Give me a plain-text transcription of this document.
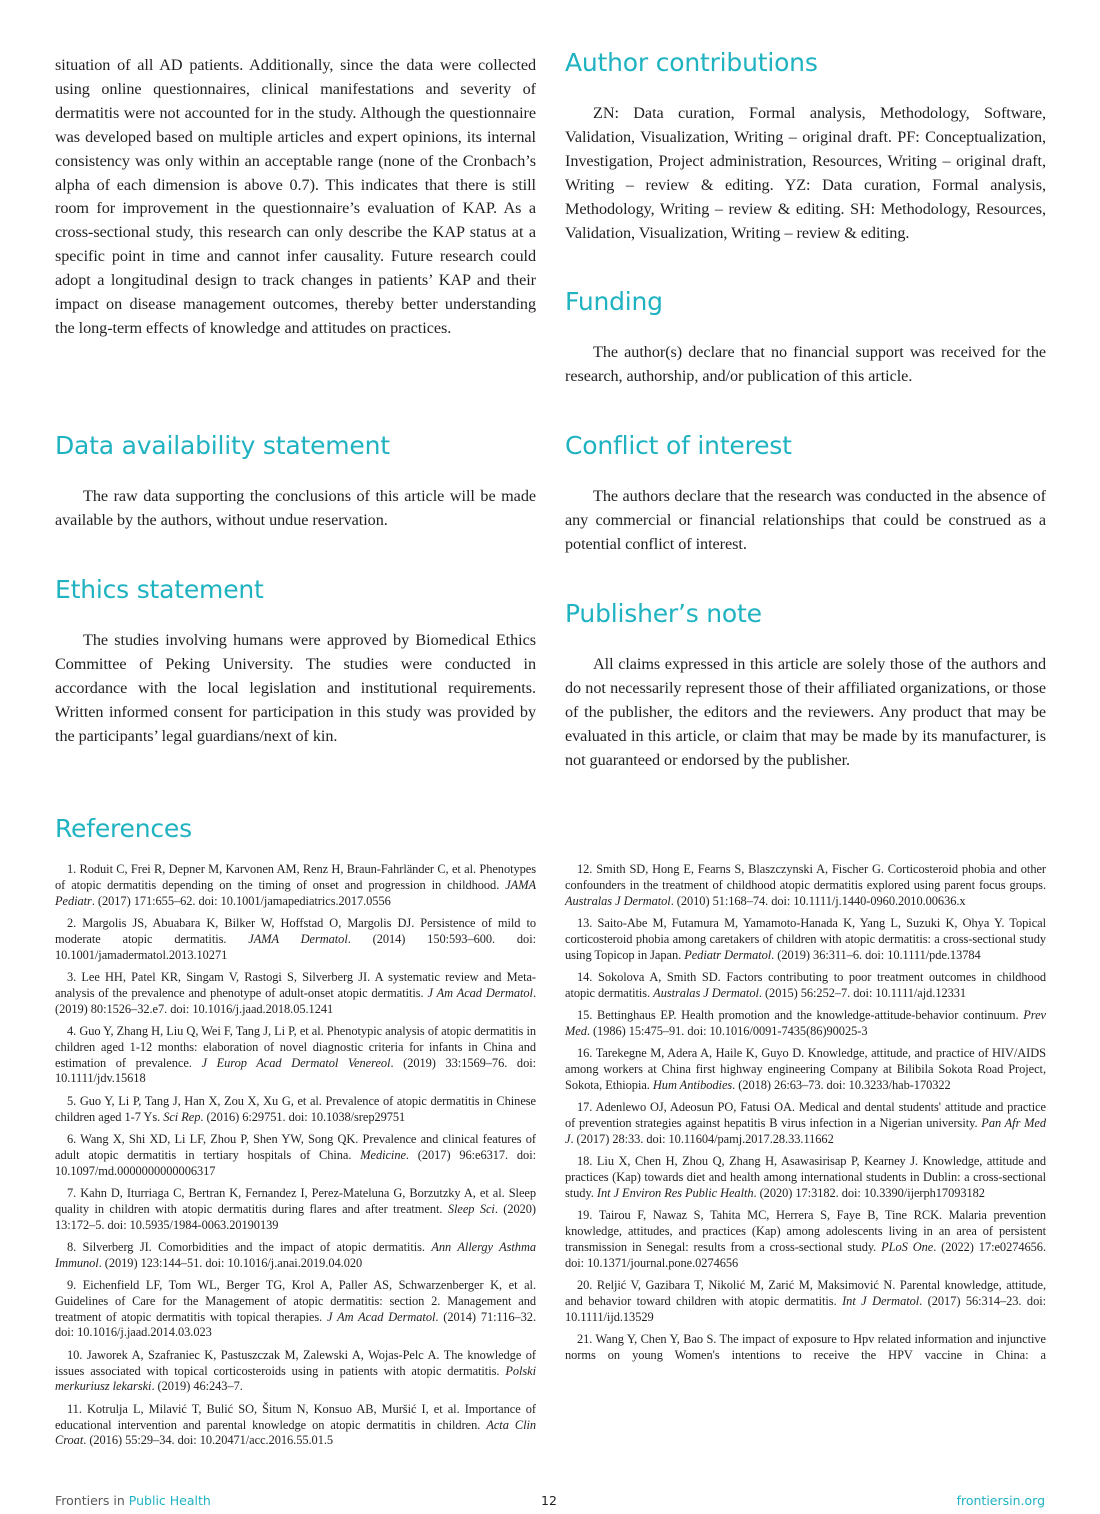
situation of all AD patients. Additionally, since the data were collected using online questionnaires, clinical manifestations and severity of dermatitis were not accounted for in the study. Although the questionnaire was developed based on multiple articles and expert opinions, its internal consistency was only within an acceptable range (none of the Cronbach’s alpha of each dimension is above 0.7). This indicates that there is still room for improvement in the questionnaire’s evaluation of KAP. As a cross-sectional study, this research can only describe the KAP status at a specific point in time and cannot infer causality. Future research could adopt a longitudinal design to track changes in patients’ KAP and their impact on disease management outcomes, thereby better understanding the long-term effects of knowledge and attitudes on practices.

Data availability statement

The raw data supporting the conclusions of this article will be made available by the authors, without undue reservation.

Ethics statement

The studies involving humans were approved by Biomedical Ethics Committee of Peking University. The studies were conducted in accordance with the local legislation and institutional requirements. Written informed consent for participation in this study was provided by the participants’ legal guardians/next of kin.

Author contributions

ZN: Data curation, Formal analysis, Methodology, Software, Validation, Visualization, Writing – original draft. PF: Conceptualization, Investigation, Project administration, Resources, Writing – original draft, Writing – review & editing. YZ: Data curation, Formal analysis, Methodology, Writing – review & editing. SH: Methodology, Resources, Validation, Visualization, Writing – review & editing.

Funding

The author(s) declare that no financial support was received for the research, authorship, and/or publication of this article.

Conflict of interest

The authors declare that the research was conducted in the absence of any commercial or financial relationships that could be construed as a potential conflict of interest.

Publisher’s note

All claims expressed in this article are solely those of the authors and do not necessarily represent those of their affiliated organizations, or those of the publisher, the editors and the reviewers. Any product that may be evaluated in this article, or claim that may be made by its manufacturer, is not guaranteed or endorsed by the publisher.

References

1. Roduit C, Frei R, Depner M, Karvonen AM, Renz H, Braun-Fahrländer C, et al. Phenotypes of atopic dermatitis depending on the timing of onset and progression in childhood. JAMA Pediatr. (2017) 171:655–62. doi: 10.1001/jamapediatrics.2017.0556

2. Margolis JS, Abuabara K, Bilker W, Hoffstad O, Margolis DJ. Persistence of mild to moderate atopic dermatitis. JAMA Dermatol. (2014) 150:593–600. doi: 10.1001/jamadermatol.2013.10271

3. Lee HH, Patel KR, Singam V, Rastogi S, Silverberg JI. A systematic review and Meta-analysis of the prevalence and phenotype of adult-onset atopic dermatitis. J Am Acad Dermatol. (2019) 80:1526–32.e7. doi: 10.1016/j.jaad.2018.05.1241

4. Guo Y, Zhang H, Liu Q, Wei F, Tang J, Li P, et al. Phenotypic analysis of atopic dermatitis in children aged 1-12 months: elaboration of novel diagnostic criteria for infants in China and estimation of prevalence. J Europ Acad Dermatol Venereol. (2019) 33:1569–76. doi: 10.1111/jdv.15618

5. Guo Y, Li P, Tang J, Han X, Zou X, Xu G, et al. Prevalence of atopic dermatitis in Chinese children aged 1-7 Ys. Sci Rep. (2016) 6:29751. doi: 10.1038/srep29751

6. Wang X, Shi XD, Li LF, Zhou P, Shen YW, Song QK. Prevalence and clinical features of adult atopic dermatitis in tertiary hospitals of China. Medicine. (2017) 96:e6317. doi: 10.1097/md.0000000000006317

7. Kahn D, Iturriaga C, Bertran K, Fernandez I, Perez-Mateluna G, Borzutzky A, et al. Sleep quality in children with atopic dermatitis during flares and after treatment. Sleep Sci. (2020) 13:172–5. doi: 10.5935/1984-0063.20190139

8. Silverberg JI. Comorbidities and the impact of atopic dermatitis. Ann Allergy Asthma Immunol. (2019) 123:144–51. doi: 10.1016/j.anai.2019.04.020

9. Eichenfield LF, Tom WL, Berger TG, Krol A, Paller AS, Schwarzenberger K, et al. Guidelines of Care for the Management of atopic dermatitis: section 2. Management and treatment of atopic dermatitis with topical therapies. J Am Acad Dermatol. (2014) 71:116–32. doi: 10.1016/j.jaad.2014.03.023

10. Jaworek A, Szafraniec K, Pastuszczak M, Zalewski A, Wojas-Pelc A. The knowledge of issues associated with topical corticosteroids using in patients with atopic dermatitis. Polski merkuriusz lekarski. (2019) 46:243–7.

11. Kotrulja L, Milavić T, Bulić SO, Šitum N, Konsuo AB, Muršić I, et al. Importance of educational intervention and parental knowledge on atopic dermatitis in children. Acta Clin Croat. (2016) 55:29–34. doi: 10.20471/acc.2016.55.01.5

12. Smith SD, Hong E, Fearns S, Blaszczynski A, Fischer G. Corticosteroid phobia and other confounders in the treatment of childhood atopic dermatitis explored using parent focus groups. Australas J Dermatol. (2010) 51:168–74. doi: 10.1111/j.1440-0960.2010.00636.x

13. Saito-Abe M, Futamura M, Yamamoto-Hanada K, Yang L, Suzuki K, Ohya Y. Topical corticosteroid phobia among caretakers of children with atopic dermatitis: a cross-sectional study using Topicop in Japan. Pediatr Dermatol. (2019) 36:311–6. doi: 10.1111/pde.13784

14. Sokolova A, Smith SD. Factors contributing to poor treatment outcomes in childhood atopic dermatitis. Australas J Dermatol. (2015) 56:252–7. doi: 10.1111/ajd.12331

15. Bettinghaus EP. Health promotion and the knowledge-attitude-behavior continuum. Prev Med. (1986) 15:475–91. doi: 10.1016/0091-7435(86)90025-3

16. Tarekegne M, Adera A, Haile K, Guyo D. Knowledge, attitude, and practice of HIV/AIDS among workers at China first highway engineering Company at Bilibila Sokota Road Project, Sokota, Ethiopia. Hum Antibodies. (2018) 26:63–73. doi: 10.3233/hab-170322

17. Adenlewo OJ, Adeosun PO, Fatusi OA. Medical and dental students' attitude and practice of prevention strategies against hepatitis B virus infection in a Nigerian university. Pan Afr Med J. (2017) 28:33. doi: 10.11604/pamj.2017.28.33.11662

18. Liu X, Chen H, Zhou Q, Zhang H, Asawasirisap P, Kearney J. Knowledge, attitude and practices (Kap) towards diet and health among international students in Dublin: a cross-sectional study. Int J Environ Res Public Health. (2020) 17:3182. doi: 10.3390/ijerph17093182

19. Tairou F, Nawaz S, Tahita MC, Herrera S, Faye B, Tine RCK. Malaria prevention knowledge, attitudes, and practices (Kap) among adolescents living in an area of persistent transmission in Senegal: results from a cross-sectional study. PLoS One. (2022) 17:e0274656. doi: 10.1371/journal.pone.0274656

20. Reljić V, Gazibara T, Nikolić M, Zarić M, Maksimović N. Parental knowledge, attitude, and behavior toward children with atopic dermatitis. Int J Dermatol. (2017) 56:314–23. doi: 10.1111/ijd.13529

21. Wang Y, Chen Y, Bao S. The impact of exposure to Hpv related information and injunctive norms on young Women's intentions to receive the HPV vaccine in China: a

Frontiers in Public Health	12	frontiersin.org
